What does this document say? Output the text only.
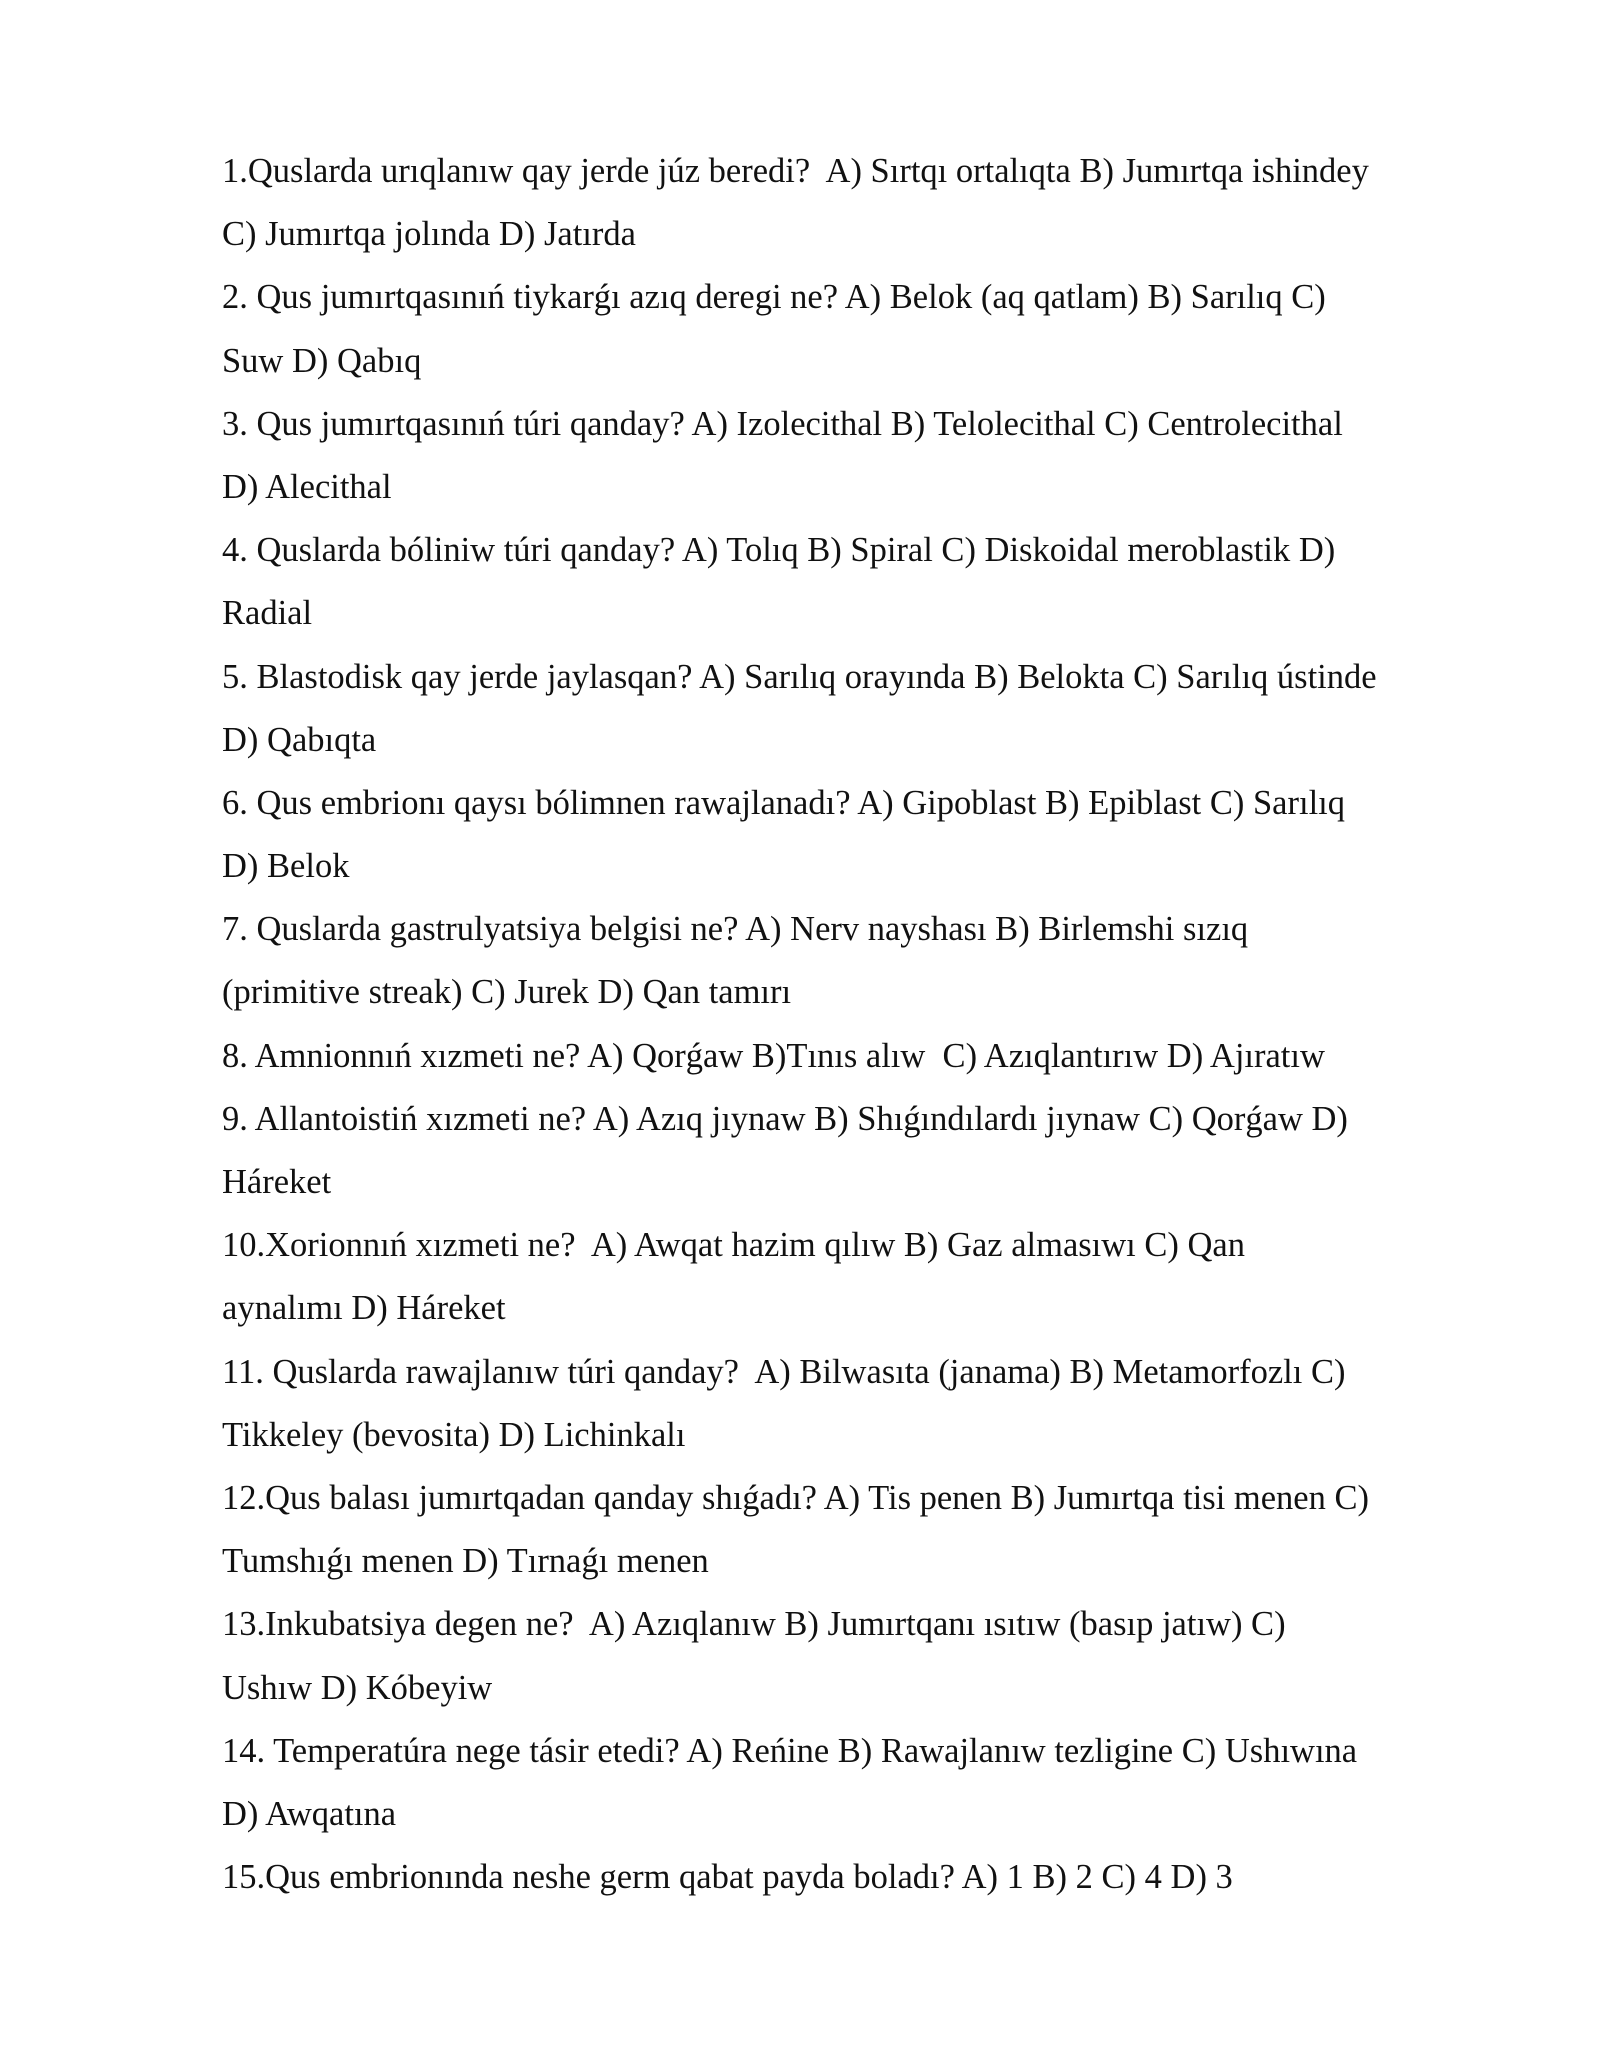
1.Quslarda urıqlanıw qay jerde júz beredi?  A) Sırtqı ortalıqta B) Jumırtqa ishindey

C) Jumırtqa jolında D) Jatırda

2. Qus jumırtqasınıń tiykarǵı azıq deregi ne? A) Belok (aq qatlam) B) Sarılıq C)

Suw D) Qabıq

3. Qus jumırtqasınıń túri qanday? A) Izolecithal B) Telolecithal C) Centrolecithal

D) Alecithal

4. Quslarda bóliniw túri qanday? A) Tolıq B) Spiral C) Diskoidal meroblastik D)

Radial

5. Blastodisk qay jerde jaylasqan? A) Sarılıq orayında B) Belokta C) Sarılıq ústinde

D) Qabıqta

6. Qus embrionı qaysı bólimnen rawajlanadı? A) Gipoblast B) Epiblast C) Sarılıq

D) Belok

7. Quslarda gastrulyatsiya belgisi ne? A) Nerv nayshası B) Birlemshi sızıq

(primitive streak) C) Jurek D) Qan tamırı

8. Amnionnıń xızmeti ne? A) Qorǵaw B)Tınıs alıw  C) Azıqlantırıw D) Ajıratıw

9. Allantoistiń xızmeti ne? A) Azıq jıynaw B) Shıǵındılardı jıynaw C) Qorǵaw D)

Háreket

10.Xorionnıń xızmeti ne?  A) Awqat hazim qılıw B) Gaz almasıwı C) Qan

aynalımı D) Háreket

11. Quslarda rawajlanıw túri qanday?  A) Bilwasıta (janama) B) Metamorfozlı C)

Tikkeley (bevosita) D) Lichinkalı

12.Qus balası jumırtqadan qanday shıǵadı? A) Tis penen B) Jumırtqa tisi menen C)

Tumshıǵı menen D) Tırnaǵı menen

13.Inkubatsiya degen ne?  A) Azıqlanıw B) Jumırtqanı ısıtıw (basıp jatıw) C)

Ushıw D) Kóbeyiw

14. Temperatúra nege tásir etedi? A) Reńine B) Rawajlanıw tezligine C) Ushıwına

D) Awqatına

15.Qus embrionında neshe germ qabat payda boladı? A) 1 B) 2 C) 4 D) 3
